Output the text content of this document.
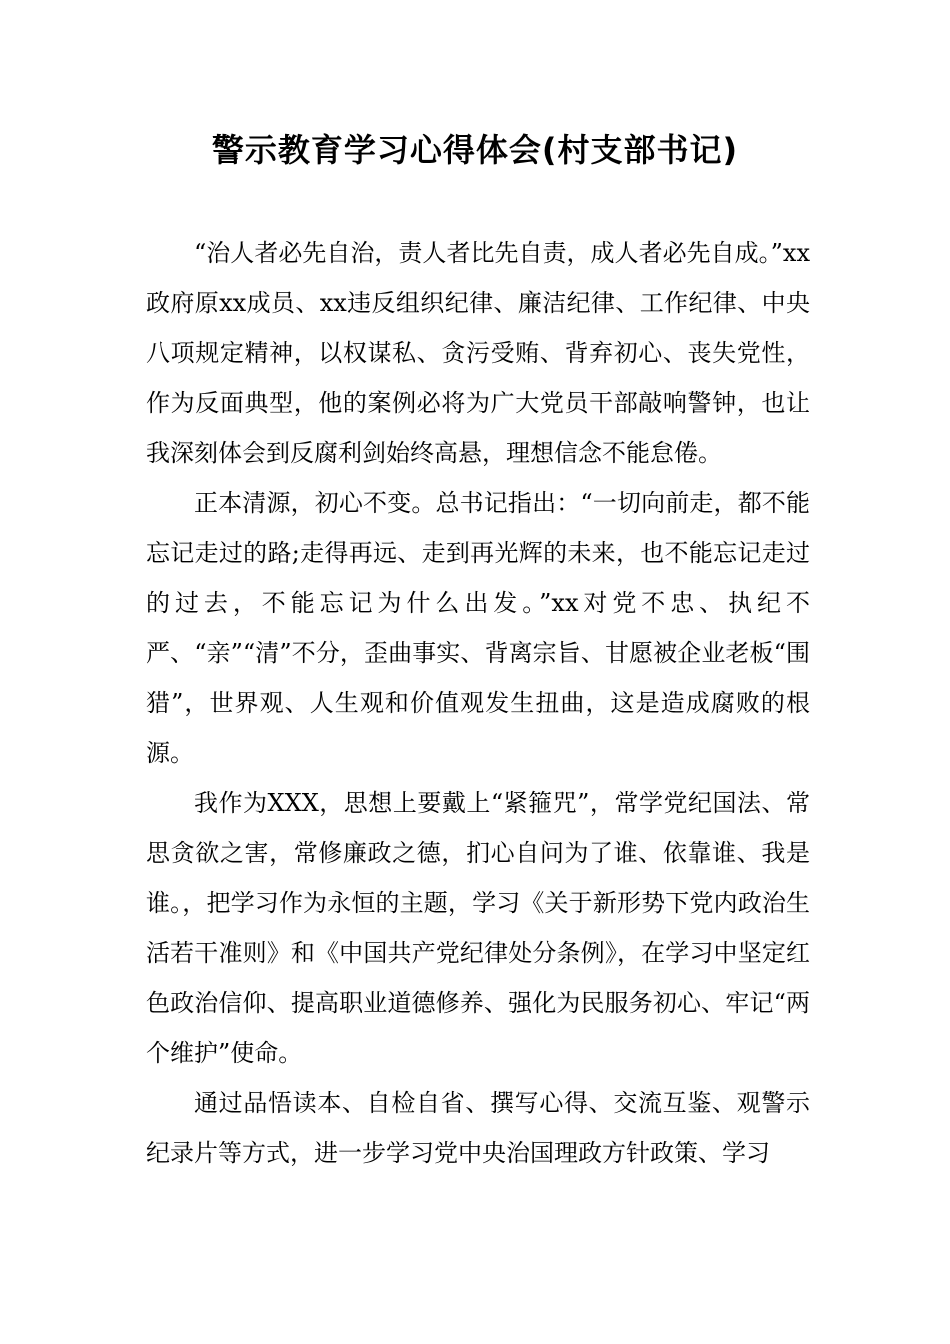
警示教育学习心得体会(村支部书记)

“治人者必先自治，责人者比先自责，成人者必先自成。”xx政府原xx成员、xx违反组织纪律、廉洁纪律、工作纪律、中央八项规定精神，以权谋私、贪污受贿、背弃初心、丧失党性，作为反面典型，他的案例必将为广大党员干部敲响警钟，也让我深刻体会到反腐利剑始终高悬，理想信念不能怠倦。

正本清源，初心不变。总书记指出：“一切向前走，都不能忘记走过的路;走得再远、走到再光辉的未来，也不能忘记走过的过去，不能忘记为什么出发。”xx对党不忠、执纪不严、“亲”“清”不分，歪曲事实、背离宗旨、甘愿被企业老板“围猎”，世界观、人生观和价值观发生扭曲，这是造成腐败的根源。

我作为XXX，思想上要戴上“紧箍咒”，常学党纪国法、常思贪欲之害，常修廉政之德，扪心自问为了谁、依靠谁、我是谁。，把学习作为永恒的主题，学习《关于新形势下党内政治生活若干准则》和《中国共产党纪律处分条例》，在学习中坚定红色政治信仰、提高职业道德修养、强化为民服务初心、牢记“两个维护”使命。

通过品悟读本、自检自省、撰写心得、交流互鉴、观警示纪录片等方式，进一步学习党中央治国理政方针政策、学习
